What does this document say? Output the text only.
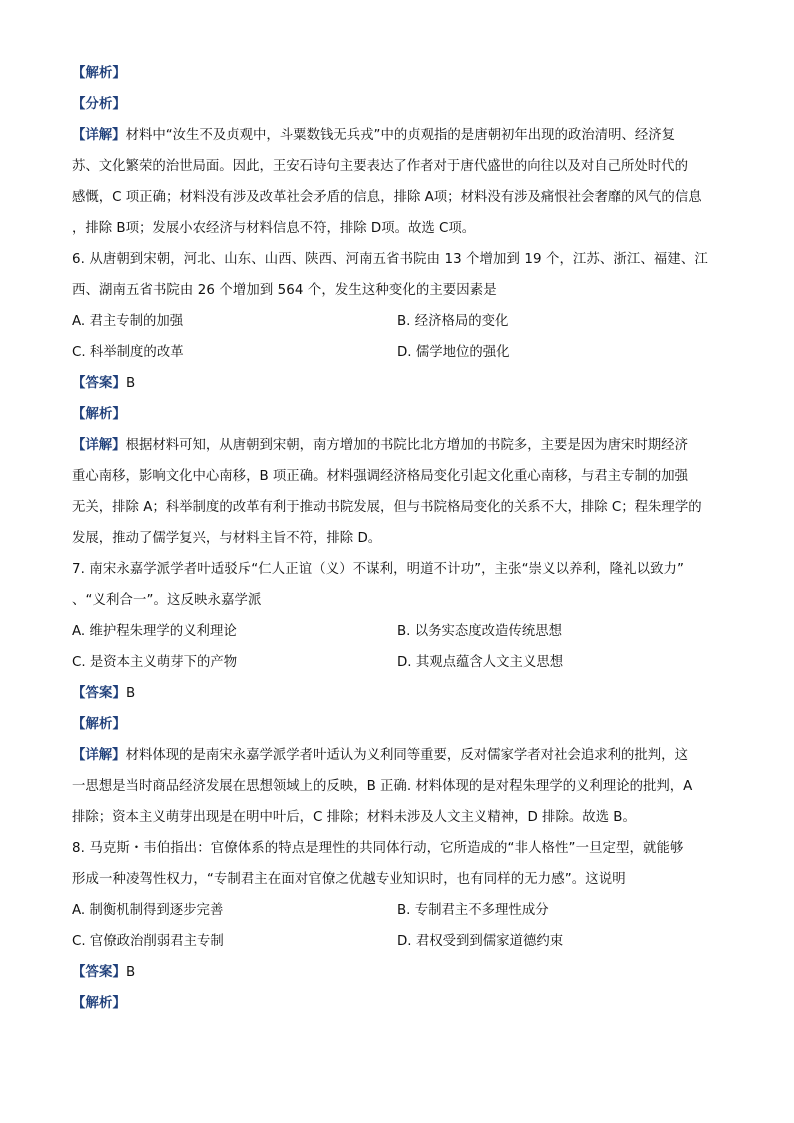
【解析】
【分析】
【详解】材料中“汝生不及贞观中，斗粟数钱无兵戎”中的贞观指的是唐朝初年出现的政治清明、经济复
苏、文化繁荣的治世局面。因此，王安石诗句主要表达了作者对于唐代盛世的向往以及对自己所处时代的
感慨，C 项正确；材料没有涉及改革社会矛盾的信息，排除 A项；材料没有涉及痛恨社会奢靡的风气的信息
，排除 B项；发展小农经济与材料信息不符，排除 D项。故选 C项。
6. 从唐朝到宋朝，河北、山东、山西、陕西、河南五省书院由 13 个增加到 19 个，江苏、浙江、福建、江
西、湖南五省书院由 26 个增加到 564 个，发生这种变化的主要因素是
A. 君主专制的加强	B. 经济格局的变化
C. 科举制度的改革	D. 儒学地位的强化
【答案】B
【解析】
【详解】根据材料可知，从唐朝到宋朝，南方增加的书院比北方增加的书院多，主要是因为唐宋时期经济
重心南移，影响文化中心南移，B 项正确。材料强调经济格局变化引起文化重心南移，与君主专制的加强
无关，排除 A；科举制度的改革有利于推动书院发展，但与书院格局变化的关系不大，排除 C；程朱理学的
发展，推动了儒学复兴，与材料主旨不符，排除 D。
7. 南宋永嘉学派学者叶适驳斥“仁人正谊（义）不谋利，明道不计功”，主张“崇义以养利，隆礼以致力”
、“义利合一”。这反映永嘉学派
A. 维护程朱理学的义利理论	B. 以务实态度改造传统思想
C. 是资本主义萌芽下的产物	D. 其观点蕴含人文主义思想
【答案】B
【解析】
【详解】材料体现的是南宋永嘉学派学者叶适认为义利同等重要，反对儒家学者对社会追求利的批判，这
一思想是当时商品经济发展在思想领域上的反映，B 正确. 材料体现的是对程朱理学的义利理论的批判，A
排除；资本主义萌芽出现是在明中叶后，C 排除；材料未涉及人文主义精神，D 排除。故选 B。
8. 马克斯・韦伯指出：官僚体系的特点是理性的共同体行动，它所造成的“非人格性”一旦定型，就能够
形成一种凌驾性权力，“专制君主在面对官僚之优越专业知识时，也有同样的无力感”。这说明
A. 制衡机制得到逐步完善	B. 专制君主不多理性成分
C. 官僚政治削弱君主专制	D. 君权受到到儒家道德约束
【答案】B
【解析】
